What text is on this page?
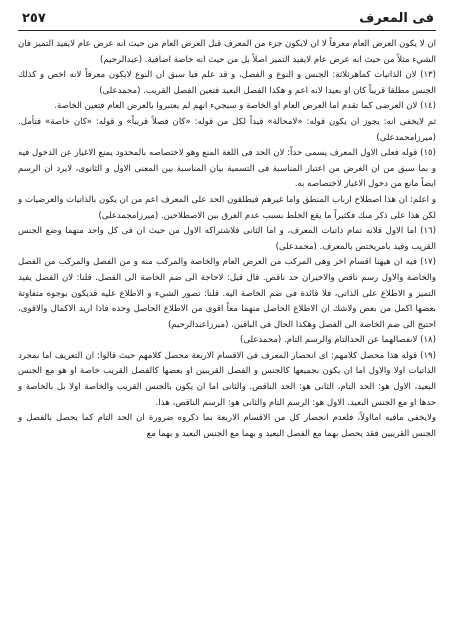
فى المعرف
٢٥٧

ان لا يكون العرض العام معرفاً لا ان لايكون جزء من المعرف قبل العرض العام من حيث انه عرض عام لايفيد التميز فان الشيء مثلاً من حيث انه عرض عام لايفيد التميز اصلاً بل من حيث انه خاصة اضافية. (عبدالرحيم)

(١٣) لان الذاتيات كماهرثلاثة: الجنس و النوع و الفصل، و قد علم فيا سبق ان النوع لايكون معرفاً لانه اخص و كذلك الجنس مطلقا قريباً كان او بعيدا لانه اعم و هكذا الفصل البعيد فتعين الفصل القريب. (محمدعلى)

(١٤) لان العرضى كما تقدم اما العرض العام او الخاصة و سيجيء انهم لم يعتبروا بالعرض العام فتعين الخاصة.

ثم لايخفى انه: يجوز ان يكون قوله: «لامحالة» قيداً لكل من قوله: «كان فصلاً قريباً» و قوله: «كان خاصة» فتأمل. (ميرزامحمدعلى)

(١٥) قوله فعلى الاول المعرف يسمى حداً: لان الحد فى اللغة المنع وهو لاختصاصه بالمحدود يمنع الاغيار عن الدخول فيه و بما سبق من ان الغرض من اعتبار المناسبة فى التسمية بيان المناسبة بين المعنى الاول و الثانوى، لايرد ان الرسم ايضاً مانع من دخول الاغيار لاختصاصه به.

و اعلم: ان هذا اصطلاح ارباب المنطق واما غيرهم فيطلقون الحد على المعرف اعم من ان يكون بالذاتيات والعرضيات و لكن هذا على ذكر منك فكثيراً ما يقع الخلط بسبب عدم الفرق بين الاصطلاحين. (ميرزامحمدعلى)

(١٦) اما الاول فلانه تمام ذاتيات المعرف، و اما الثانى فلاشتراكه الاول من حيث ان فى كل واحد منهما وضع الجنس القريب وقيد بامريختص بالمعرف. (محمدعلى)

(١٧) فيه ان هيهنا اقسام اخر وهى المركب من العرض العام والخاصة والمركب منه و من الفصل والمركب من الفصل والخاصة والاول رسم ناقص والاخيران حد ناقص. قال قيل: لاحاجة الى ضم الخاصة الى الفصل. قلنا: لان الفصل يفيد التميز و الاطلاع على الذاتى، فلا فائدة فى ضم الخاصة اليه. قلنا: تصور الشيء و الاطلاع عليه قديكون بوجوه متفاوتة بعضها اكمل من بعض ولاشك ان الاطلاع الحاصل منهما معاً اقوى من الاطلاع الحاصل وحده فاذا اريد الاكمال والاقوى، احتيج الى ضم الخاصة الى الفصل وهكذا الحال فى الباقين. (ميرزاعبدالرحيم)

(١٨) لانفصالهما عن الحدالتام والرسم التام. (محمدعلى)

(١٩) قوله هذا محصل كلامهم: اى انحصار المعرف فى الاقسام الاربعة محصل كلامهم حيث قالوا: ان التعريف اما بمجرد الذاتيات اولا والاول اما ان يكون بجميعها كالجنس و الفصل القريبين او بعضها كالفصل القريب خاصة او هو مع الجنس البعيد، الاول هو: الحد التام، الثانى هو: الحد الناقص. والثانى اما ان يكون بالجنس القريب والخاصة اولا بل بالخاصة و حدها او مع الجنس البعيد. الاول هو: الرسم التام والثانى هو: الرسم الناقص، هذا.

ولايخفى مافيه امااولاً، فلعدم انحصار كل من الاقسام الاربعة بما ذكروه ضرورة ان الحد التام كما يحصل بالفصل و الجنس القريبين فقد يحصل بهما مع الفصل البعيد و بهما مع الجنس البعيد و بهما مع
